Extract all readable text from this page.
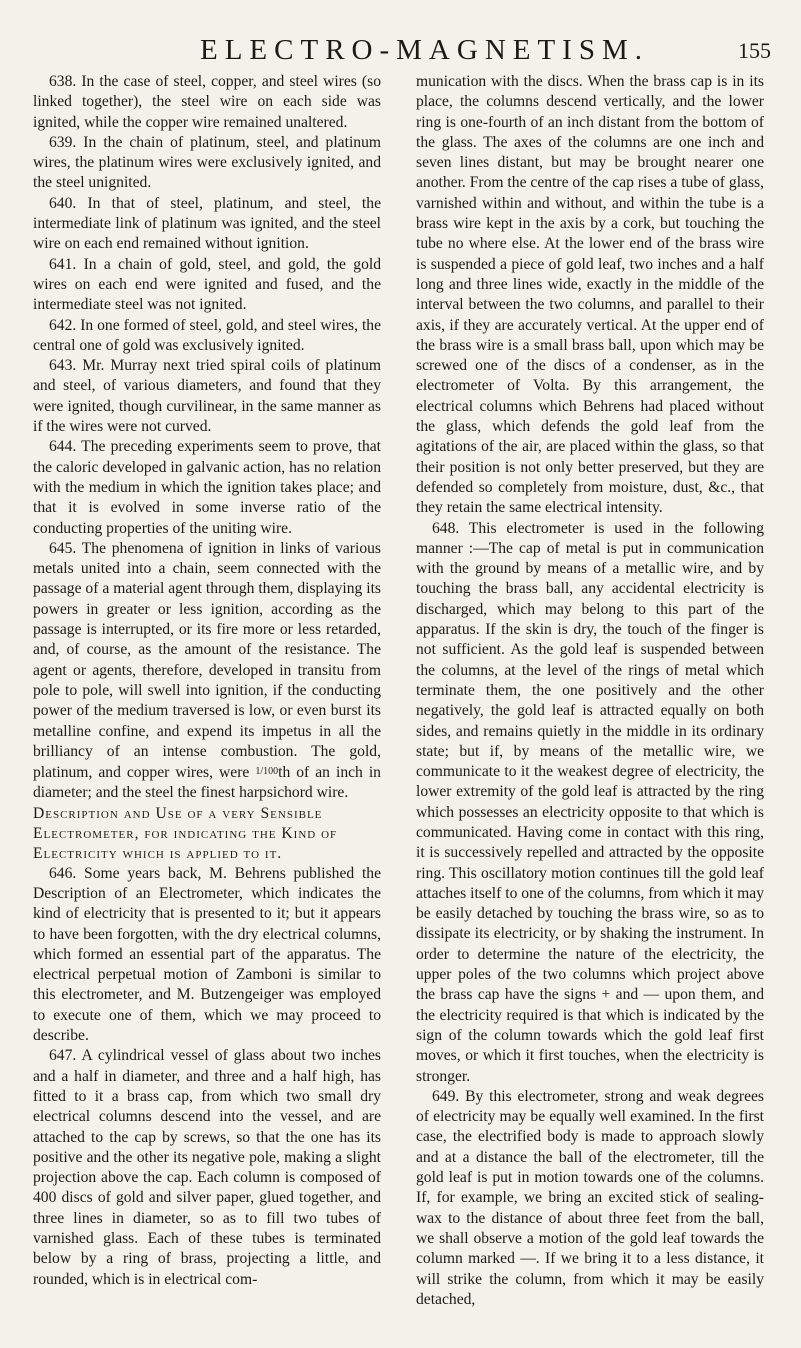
ELECTRO-MAGNETISM.	155

638. In the case of steel, copper, and steel wires (so linked together), the steel wire on each side was ignited, while the copper wire remained unaltered.

639. In the chain of platinum, steel, and platinum wires, the platinum wires were exclusively ignited, and the steel unignited.

640. In that of steel, platinum, and steel, the intermediate link of platinum was ignited, and the steel wire on each end remained without ignition.

641. In a chain of gold, steel, and gold, the gold wires on each end were ignited and fused, and the intermediate steel was not ignited.

642. In one formed of steel, gold, and steel wires, the central one of gold was exclusively ignited.

643. Mr. Murray next tried spiral coils of platinum and steel, of various diameters, and found that they were ignited, though curvilinear, in the same manner as if the wires were not curved.

644. The preceding experiments seem to prove, that the caloric developed in galvanic action, has no relation with the medium in which the ignition takes place; and that it is evolved in some inverse ratio of the conducting properties of the uniting wire.

645. The phenomena of ignition in links of various metals united into a chain, seem connected with the passage of a material agent through them, displaying its powers in greater or less ignition, according as the passage is interrupted, or its fire more or less retarded, and, of course, as the amount of the resistance. The agent or agents, therefore, developed in transitu from pole to pole, will swell into ignition, if the conducting power of the medium traversed is low, or even burst its metalline confine, and expend its impetus in all the brilliancy of an intense combustion. The gold, platinum, and copper wires, were 1/100th of an inch in diameter; and the steel the finest harpsichord wire.

Description and Use of a very Sensible Electrometer, for indicating the Kind of Electricity which is applied to it.

646. Some years back, M. Behrens published the Description of an Electrometer, which indicates the kind of electricity that is presented to it; but it appears to have been forgotten, with the dry electrical columns, which formed an essential part of the apparatus. The electrical perpetual motion of Zamboni is similar to this electrometer, and M. Butzengeiger was employed to execute one of them, which we may proceed to describe.

647. A cylindrical vessel of glass about two inches and a half in diameter, and three and a half high, has fitted to it a brass cap, from which two small dry electrical columns descend into the vessel, and are attached to the cap by screws, so that the one has its positive and the other its negative pole, making a slight projection above the cap. Each column is composed of 400 discs of gold and silver paper, glued together, and three lines in diameter, so as to fill two tubes of varnished glass. Each of these tubes is terminated below by a ring of brass, projecting a little, and rounded, which is in electrical com-

munication with the discs. When the brass cap is in its place, the columns descend vertically, and the lower ring is one-fourth of an inch distant from the bottom of the glass. The axes of the columns are one inch and seven lines distant, but may be brought nearer one another. From the centre of the cap rises a tube of glass, varnished within and without, and within the tube is a brass wire kept in the axis by a cork, but touching the tube no where else. At the lower end of the brass wire is suspended a piece of gold leaf, two inches and a half long and three lines wide, exactly in the middle of the interval between the two columns, and parallel to their axis, if they are accurately vertical. At the upper end of the brass wire is a small brass ball, upon which may be screwed one of the discs of a condenser, as in the electrometer of Volta. By this arrangement, the electrical columns which Behrens had placed without the glass, which defends the gold leaf from the agitations of the air, are placed within the glass, so that their position is not only better preserved, but they are defended so completely from moisture, dust, &c., that they retain the same electrical intensity.

648. This electrometer is used in the following manner :—The cap of metal is put in communication with the ground by means of a metallic wire, and by touching the brass ball, any accidental electricity is discharged, which may belong to this part of the apparatus. If the skin is dry, the touch of the finger is not sufficient. As the gold leaf is suspended between the columns, at the level of the rings of metal which terminate them, the one positively and the other negatively, the gold leaf is attracted equally on both sides, and remains quietly in the middle in its ordinary state; but if, by means of the metallic wire, we communicate to it the weakest degree of electricity, the lower extremity of the gold leaf is attracted by the ring which possesses an electricity opposite to that which is communicated. Having come in contact with this ring, it is successively repelled and attracted by the opposite ring. This oscillatory motion continues till the gold leaf attaches itself to one of the columns, from which it may be easily detached by touching the brass wire, so as to dissipate its electricity, or by shaking the instrument. In order to determine the nature of the electricity, the upper poles of the two columns which project above the brass cap have the signs + and — upon them, and the electricity required is that which is indicated by the sign of the column towards which the gold leaf first moves, or which it first touches, when the electricity is stronger.

649. By this electrometer, strong and weak degrees of electricity may be equally well examined. In the first case, the electrified body is made to approach slowly and at a distance the ball of the electrometer, till the gold leaf is put in motion towards one of the columns. If, for example, we bring an excited stick of sealing-wax to the distance of about three feet from the ball, we shall observe a motion of the gold leaf towards the column marked —. If we bring it to a less distance, it will strike the column, from which it may be easily detached,
